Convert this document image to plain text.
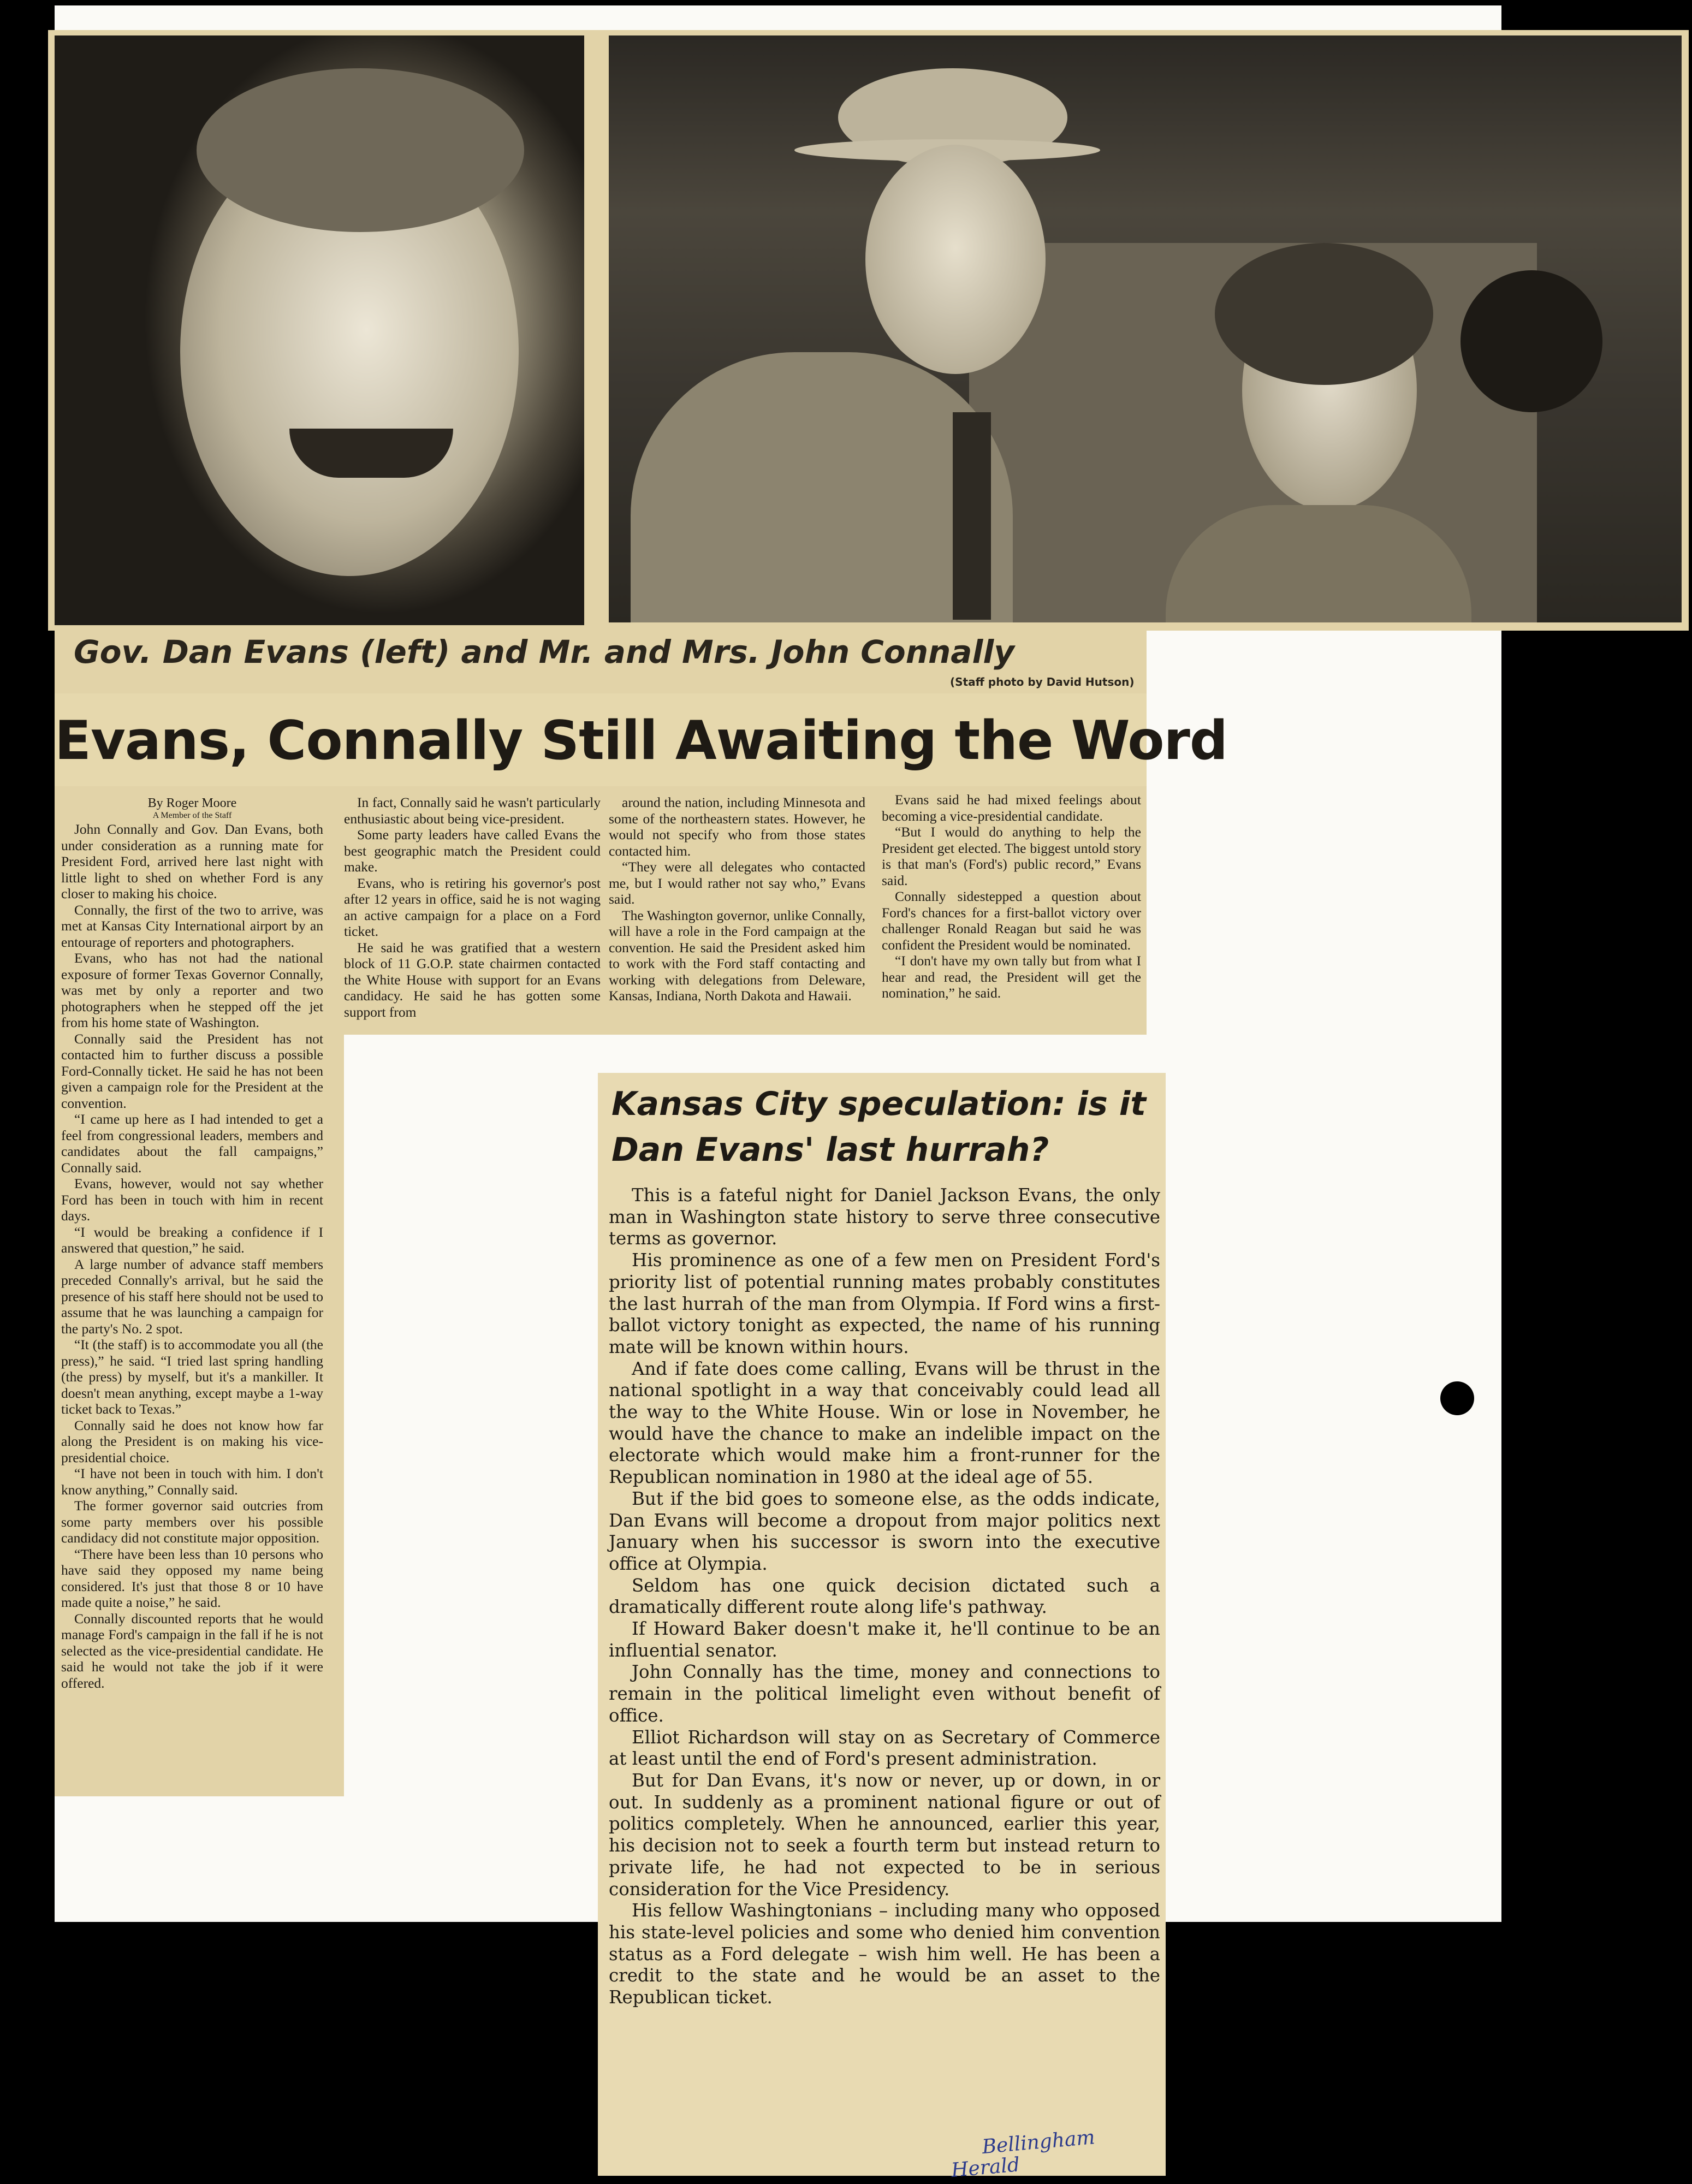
Gov. Dan Evans (left) and Mr. and Mrs. John Connally
(Staff photo by David Hutson)
Evans, Connally Still Awaiting the Word
By Roger Moore
A Member of the Staff

John Connally and Gov. Dan Evans, both under consideration as a running mate for President Ford, arrived here last night with little light to shed on whether Ford is any closer to making his choice.

Connally, the first of the two to arrive, was met at Kansas City International airport by an entourage of reporters and photographers.

Evans, who has not had the national exposure of former Texas Governor Connally, was met by only a reporter and two photographers when he stepped off the jet from his home state of Washington.

Connally said the President has not contacted him to further discuss a possible Ford-Connally ticket. He said he has not been given a campaign role for the President at the convention.

“I came up here as I had intended to get a feel from congressional leaders, members and candidates about the fall campaigns,” Connally said.

Evans, however, would not say whether Ford has been in touch with him in recent days.

“I would be breaking a confidence if I answered that question,” he said.

A large number of advance staff members preceded Connally's arrival, but he said the presence of his staff here should not be used to assume that he was launching a campaign for the party's No. 2 spot.

“It (the staff) is to accommodate you all (the press),” he said. “I tried last spring handling (the press) by myself, but it's a mankiller. It doesn't mean anything, except maybe a 1-way ticket back to Texas.”

Connally said he does not know how far along the President is on making his vice-presidential choice.

“I have not been in touch with him. I don't know anything,” Connally said.

The former governor said outcries from some party members over his possible candidacy did not constitute major opposition.

“There have been less than 10 persons who have said they opposed my name being considered. It's just that those 8 or 10 have made quite a noise,” he said.

Connally discounted reports that he would manage Ford's campaign in the fall if he is not selected as the vice-presidential candidate. He said he would not take the job if it were offered.

In fact, Connally said he wasn't particularly enthusiastic about being vice-president.

Some party leaders have called Evans the best geographic match the President could make.

Evans, who is retiring his governor's post after 12 years in office, said he is not waging an active campaign for a place on a Ford ticket.

He said he was gratified that a western block of 11 G.O.P. state chairmen contacted the White House with support for an Evans candidacy. He said he has gotten some support from

around the nation, including Minnesota and some of the northeastern states. However, he would not specify who from those states contacted him.

“They were all delegates who contacted me, but I would rather not say who,” Evans said.

The Washington governor, unlike Connally, will have a role in the Ford campaign at the convention. He said the President asked him to work with the Ford staff contacting and working with delegations from Deleware, Kansas, Indiana, North Dakota and Hawaii.

Evans said he had mixed feelings about becoming a vice-presidential candidate.

“But I would do anything to help the President get elected. The biggest untold story is that man's (Ford's) public record,” Evans said.

Connally sidestepped a question about Ford's chances for a first-ballot victory over challenger Ronald Reagan but said he was confident the President would be nominated.

“I don't have my own tally but from what I hear and read, the President will get the nomination,” he said.

Kansas City speculation: is it Dan Evans' last hurrah?

This is a fateful night for Daniel Jackson Evans, the only man in Washington state history to serve three consecutive terms as governor.

His prominence as one of a few men on President Ford's priority list of potential running mates probably constitutes the last hurrah of the man from Olympia. If Ford wins a first-ballot victory tonight as expected, the name of his running mate will be known within hours.

And if fate does come calling, Evans will be thrust in the national spotlight in a way that conceivably could lead all the way to the White House. Win or lose in November, he would have the chance to make an indelible impact on the electorate which would make him a front-runner for the Republican nomination in 1980 at the ideal age of 55.

But if the bid goes to someone else, as the odds indicate, Dan Evans will become a dropout from major politics next January when his successor is sworn into the executive office at Olympia.

Seldom has one quick decision dictated such a dramatically different route along life's pathway.

If Howard Baker doesn't make it, he'll continue to be an influential senator.

John Connally has the time, money and connections to remain in the political limelight even without benefit of office.

Elliot Richardson will stay on as Secretary of Commerce at least until the end of Ford's present administration.

But for Dan Evans, it's now or never, up or down, in or out. In suddenly as a prominent national figure or out of politics completely. When he announced, earlier this year, his decision not to seek a fourth term but instead return to private life, he had not expected to be in serious consideration for the Vice Presidency.

His fellow Washingtonians – including many who opposed his state-level policies and some who denied him convention status as a Ford delegate – wish him well. He has been a credit to the state and he would be an asset to the Republican ticket.

Bellingham
Herald
